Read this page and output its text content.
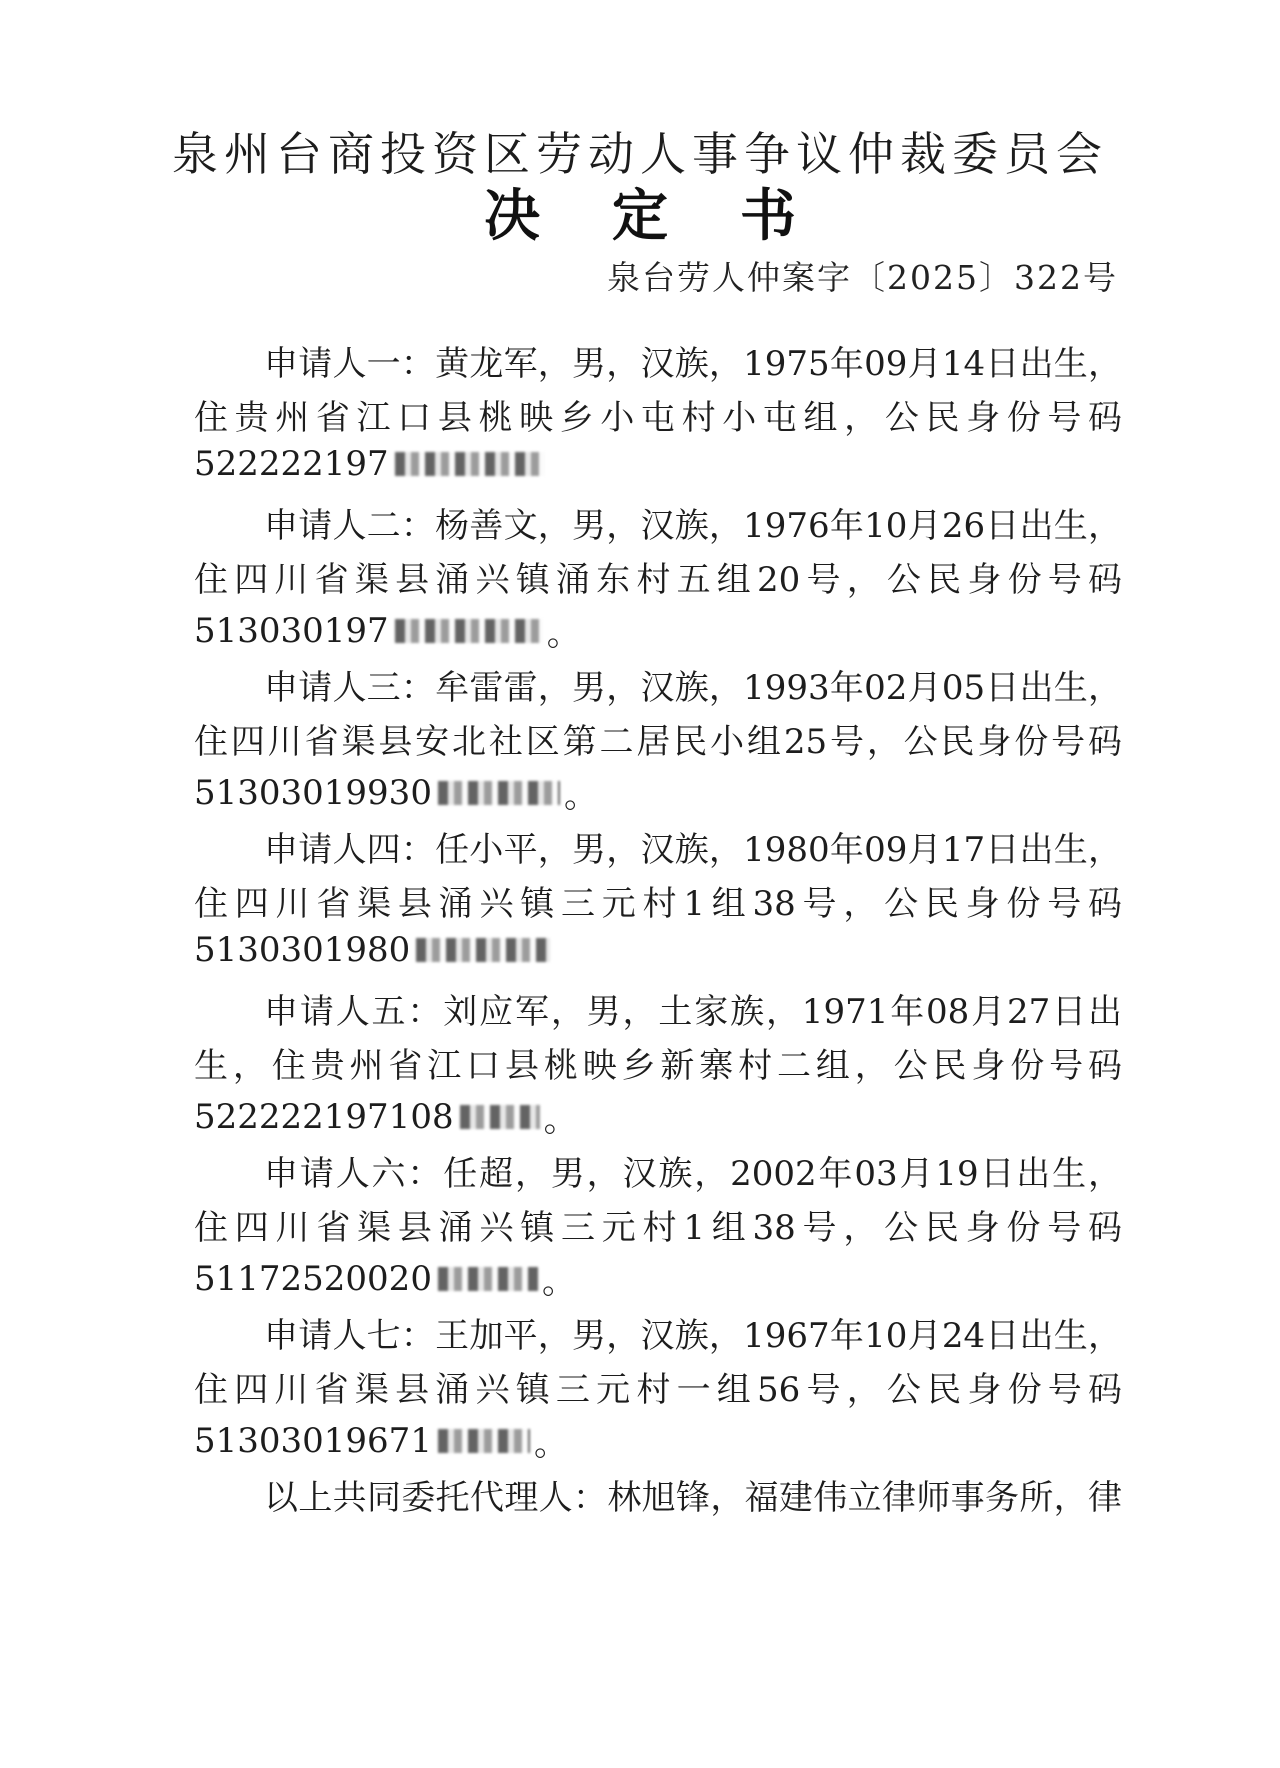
泉州台商投资区劳动人事争议仲裁委员会
决定书
泉台劳人仲案字〔2025〕322号
申请人一：黄龙军，男，汉族，1975年09月14日出生，
住贵州省江口县桃映乡小屯村小屯组，公民身份号码
522222197
申请人二：杨善文，男，汉族，1976年10月26日出生，
住四川省渠县涌兴镇涌东村五组20号，公民身份号码
513030197	。
申请人三：牟雷雷，男，汉族，1993年02月05日出生，
住四川省渠县安北社区第二居民小组25号，公民身份号码
51303019930	。
申请人四：任小平，男，汉族，1980年09月17日出生，
住四川省渠县涌兴镇三元村1组38号，公民身份号码
5130301980
申请人五：刘应军，男，土家族，1971年08月27日出
生，住贵州省江口县桃映乡新寨村二组，公民身份号码
522222197108	。
申请人六：任超，男，汉族，2002年03月19日出生，
住四川省渠县涌兴镇三元村1组38号，公民身份号码
51172520020	。
申请人七：王加平，男，汉族，1967年10月24日出生，
住四川省渠县涌兴镇三元村一组56号，公民身份号码
51303019671	。
以上共同委托代理人：林旭锋，福建伟立律师事务所，律
